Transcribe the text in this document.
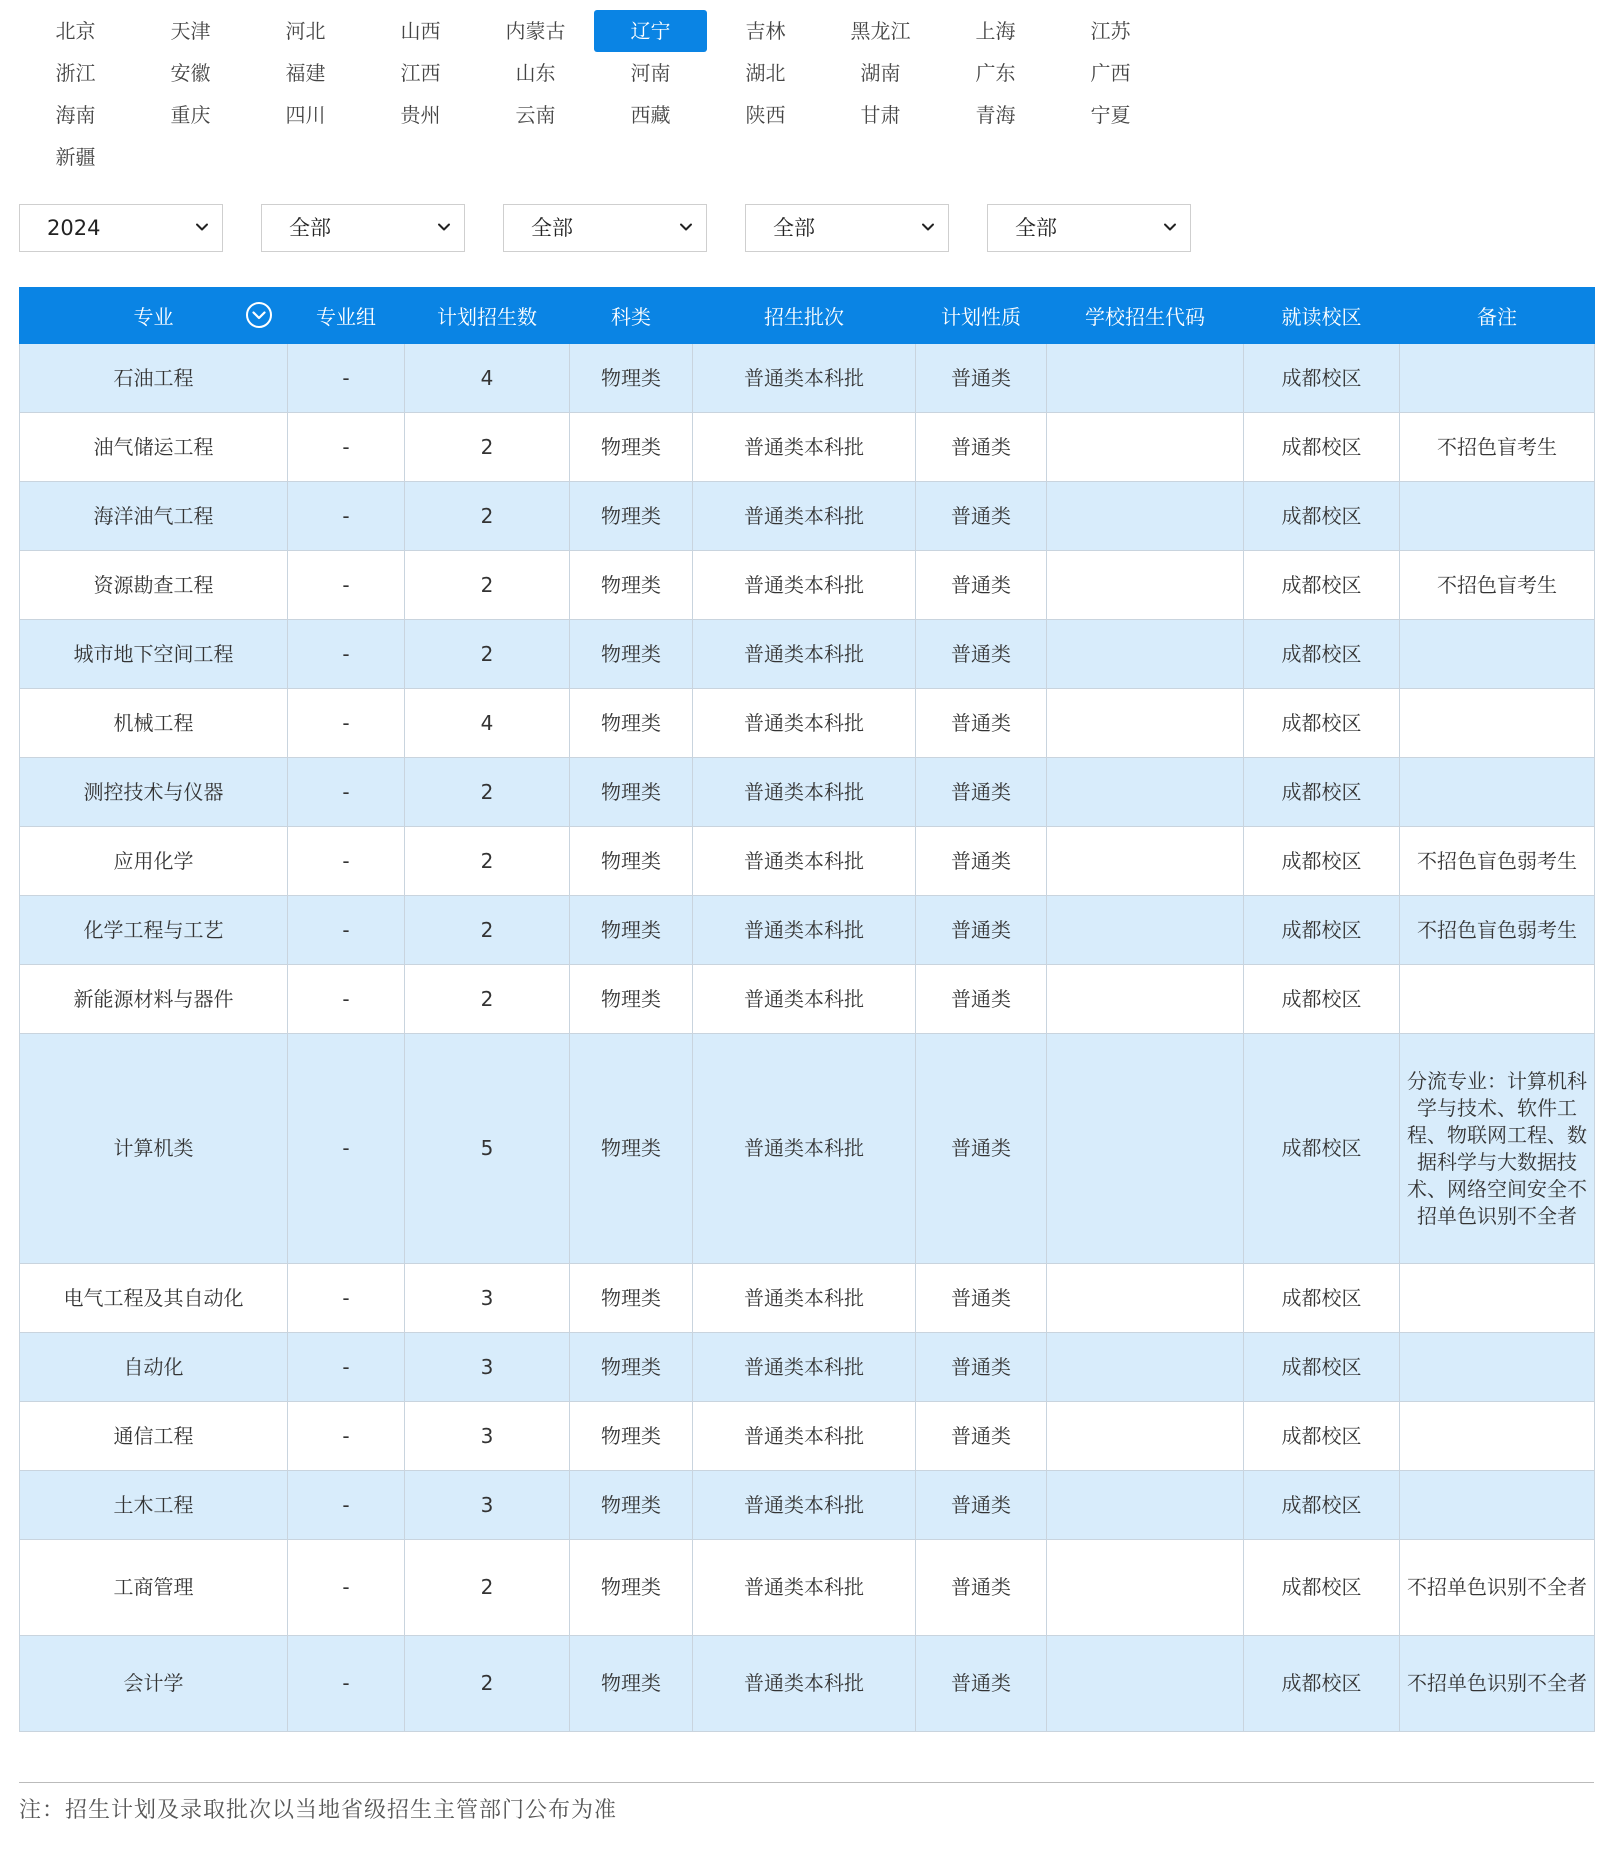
北京	天津	河北	山西	内蒙古	辽宁	吉林	黑龙江	上海	江苏
浙江	安徽	福建	江西	山东	河南	湖北	湖南	广东	广西
海南	重庆	四川	贵州	云南	西藏	陕西	甘肃	青海	宁夏
新疆
2024	全部	全部	全部	全部
专业	专业组	计划招生数	科类	招生批次	计划性质	学校招生代码	就读校区	备注
石油工程	-	4	物理类	普通类本科批	普通类		成都校区	
油气储运工程	-	2	物理类	普通类本科批	普通类		成都校区	不招色盲考生
海洋油气工程	-	2	物理类	普通类本科批	普通类		成都校区	
资源勘查工程	-	2	物理类	普通类本科批	普通类		成都校区	不招色盲考生
城市地下空间工程	-	2	物理类	普通类本科批	普通类		成都校区	
机械工程	-	4	物理类	普通类本科批	普通类		成都校区	
测控技术与仪器	-	2	物理类	普通类本科批	普通类		成都校区	
应用化学	-	2	物理类	普通类本科批	普通类		成都校区	不招色盲色弱考生
化学工程与工艺	-	2	物理类	普通类本科批	普通类		成都校区	不招色盲色弱考生
新能源材料与器件	-	2	物理类	普通类本科批	普通类		成都校区	
计算机类	-	5	物理类	普通类本科批	普通类		成都校区	分流专业：计算机科学与技术、软件工程、物联网工程、数据科学与大数据技术、网络空间安全不招单色识别不全者
电气工程及其自动化	-	3	物理类	普通类本科批	普通类		成都校区	
自动化	-	3	物理类	普通类本科批	普通类		成都校区	
通信工程	-	3	物理类	普通类本科批	普通类		成都校区	
土木工程	-	3	物理类	普通类本科批	普通类		成都校区	
工商管理	-	2	物理类	普通类本科批	普通类		成都校区	不招单色识别不全者
会计学	-	2	物理类	普通类本科批	普通类		成都校区	不招单色识别不全者
注：招生计划及录取批次以当地省级招生主管部门公布为准
